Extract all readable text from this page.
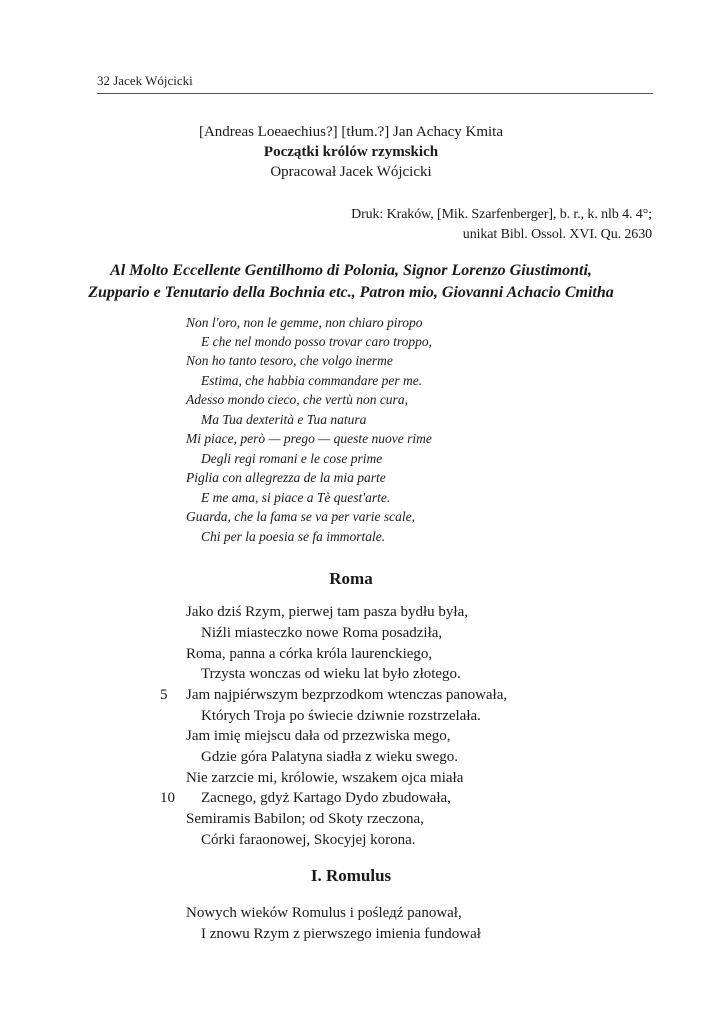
32 Jacek Wójcicki
[Andreas Loeaechius?] [tłum.?] Jan Achacy Kmita
Początki królów rzymskich
Opracował Jacek Wójcicki
Druk: Kraków, [Mik. Szarfenberger], b. r., k. nlb 4. 4°;
unikat Bibl. Ossol. XVI. Qu. 2630
Al Molto Eccellente Gentilhomo di Polonia, Signor Lorenzo Giustimonti,
Zuppario e Tenutario della Bochnia etc., Patron mio, Giovanni Achacio Cmitha
Non l'oro, non le gemme, non chiaro piropo
E che nel mondo posso trovar caro troppo,
Non ho tanto tesoro, che volgo inerme
Estima, che habbia commandare per me.
Adesso mondo cieco, che vertù non cura,
Ma Tua dexterità e Tua natura
Mi piace, però — prego — queste nuove rime
Degli regi romani e le cose prime
Piglia con allegrezza de la mia parte
E me ama, si piace a Tè quest'arte.
Guarda, che la fama se va per varie scale,
Chi per la poesia se fa immortale.
Roma
Jako dziś Rzym, pierwej tam pasza bydłu była,
Niźli miasteczko nowe Roma posadziła,
Roma, panna a córka króla laurenckiego,
Trzysta wonczas od wieku lat było złotego.
5 Jam najpiérwszym bezprzodkom wtenczas panowała,
Których Troja po świecie dziwnie rozstrzelała.
Jam imię miejscu dała od przezwiska mego,
Gdzie góra Palatyna siadła z wieku swego.
Nie zarzcie mi, królowie, wszakem ojca miała
10 Zacnego, gdyż Kartago Dydo zbudowała,
Semiramis Babilon; od Skoty rzeczona,
Córki faraonowej, Skocyjej korona.
I. Romulus
Nowych wieków Romulus i poślедź panował,
I znowu Rzym z pierwszego imienia fundował
